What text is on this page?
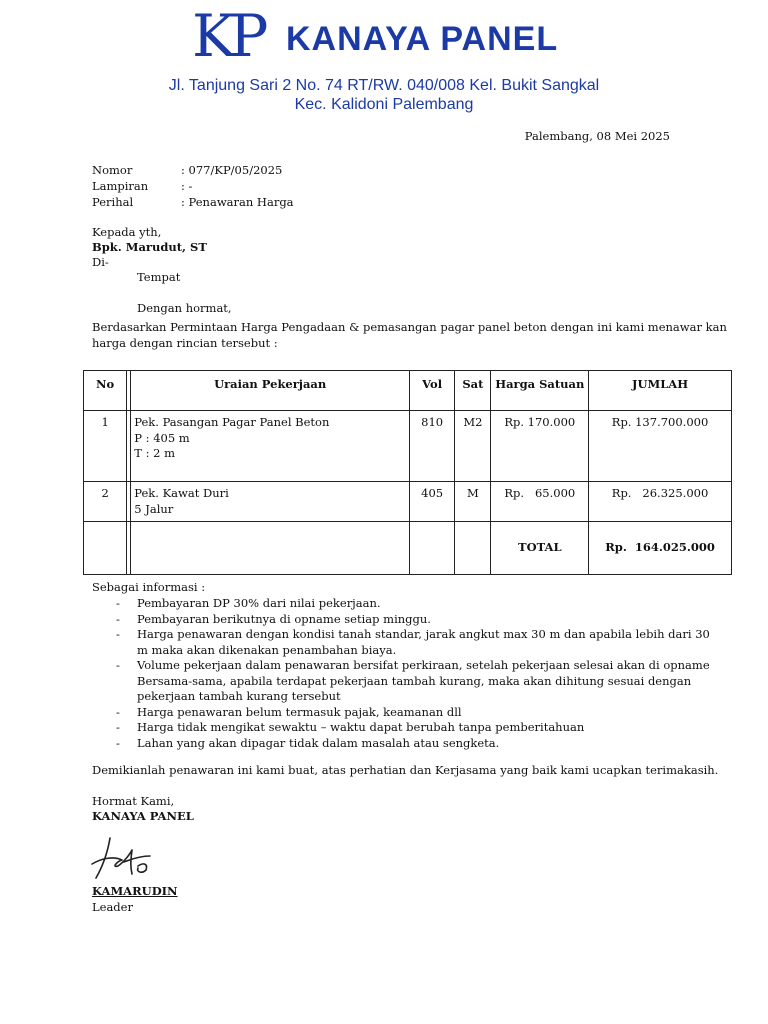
KP KANAYA PANEL
Jl. Tanjung Sari 2 No. 74 RT/RW. 040/008 Kel. Bukit Sangkal
Kec. Kalidoni Palembang
Palembang, 08 Mei 2025
Nomor	: 077/KP/05/2025
Lampiran	: -
Perihal	: Penawaran Harga
Kepada yth,
Bpk. Marudut, ST
Di-
Tempat
Dengan hormat,
Berdasarkan Permintaan Harga Pengadaan & pemasangan pagar panel beton dengan ini kami menawar kan harga dengan rincian tersebut :
No		Uraian Pekerjaan	Vol	Sat	Harga Satuan	JUMLAH
1		Pek. Pasangan Pagar Panel Beton
P : 405 m
T : 2 m	810	M2	Rp. 170.000	Rp. 137.700.000
2		Pek. Kawat Duri
5 Jalur	405	M	Rp.   65.000	Rp.   26.325.000
					TOTAL	Rp.  164.025.000
Sebagai informasi :
- Pembayaran DP 30% dari nilai pekerjaan.
- Pembayaran berikutnya di opname setiap minggu.
- Harga penawaran dengan kondisi tanah standar, jarak angkut max 30 m dan apabila lebih dari 30 m maka akan dikenakan penambahan biaya.
- Volume pekerjaan dalam penawaran bersifat perkiraan, setelah pekerjaan selesai akan di opname Bersama-sama, apabila terdapat pekerjaan tambah kurang, maka akan dihitung sesuai dengan pekerjaan tambah kurang tersebut
- Harga penawaran belum termasuk pajak, keamanan dll
- Harga tidak mengikat sewaktu – waktu dapat berubah tanpa pemberitahuan
- Lahan yang akan dipagar tidak dalam masalah atau sengketa.
Demikianlah penawaran ini kami buat, atas perhatian dan Kerjasama yang baik kami ucapkan terimakasih.
Hormat Kami,
KANAYA PANEL
KAMARUDIN
Leader
